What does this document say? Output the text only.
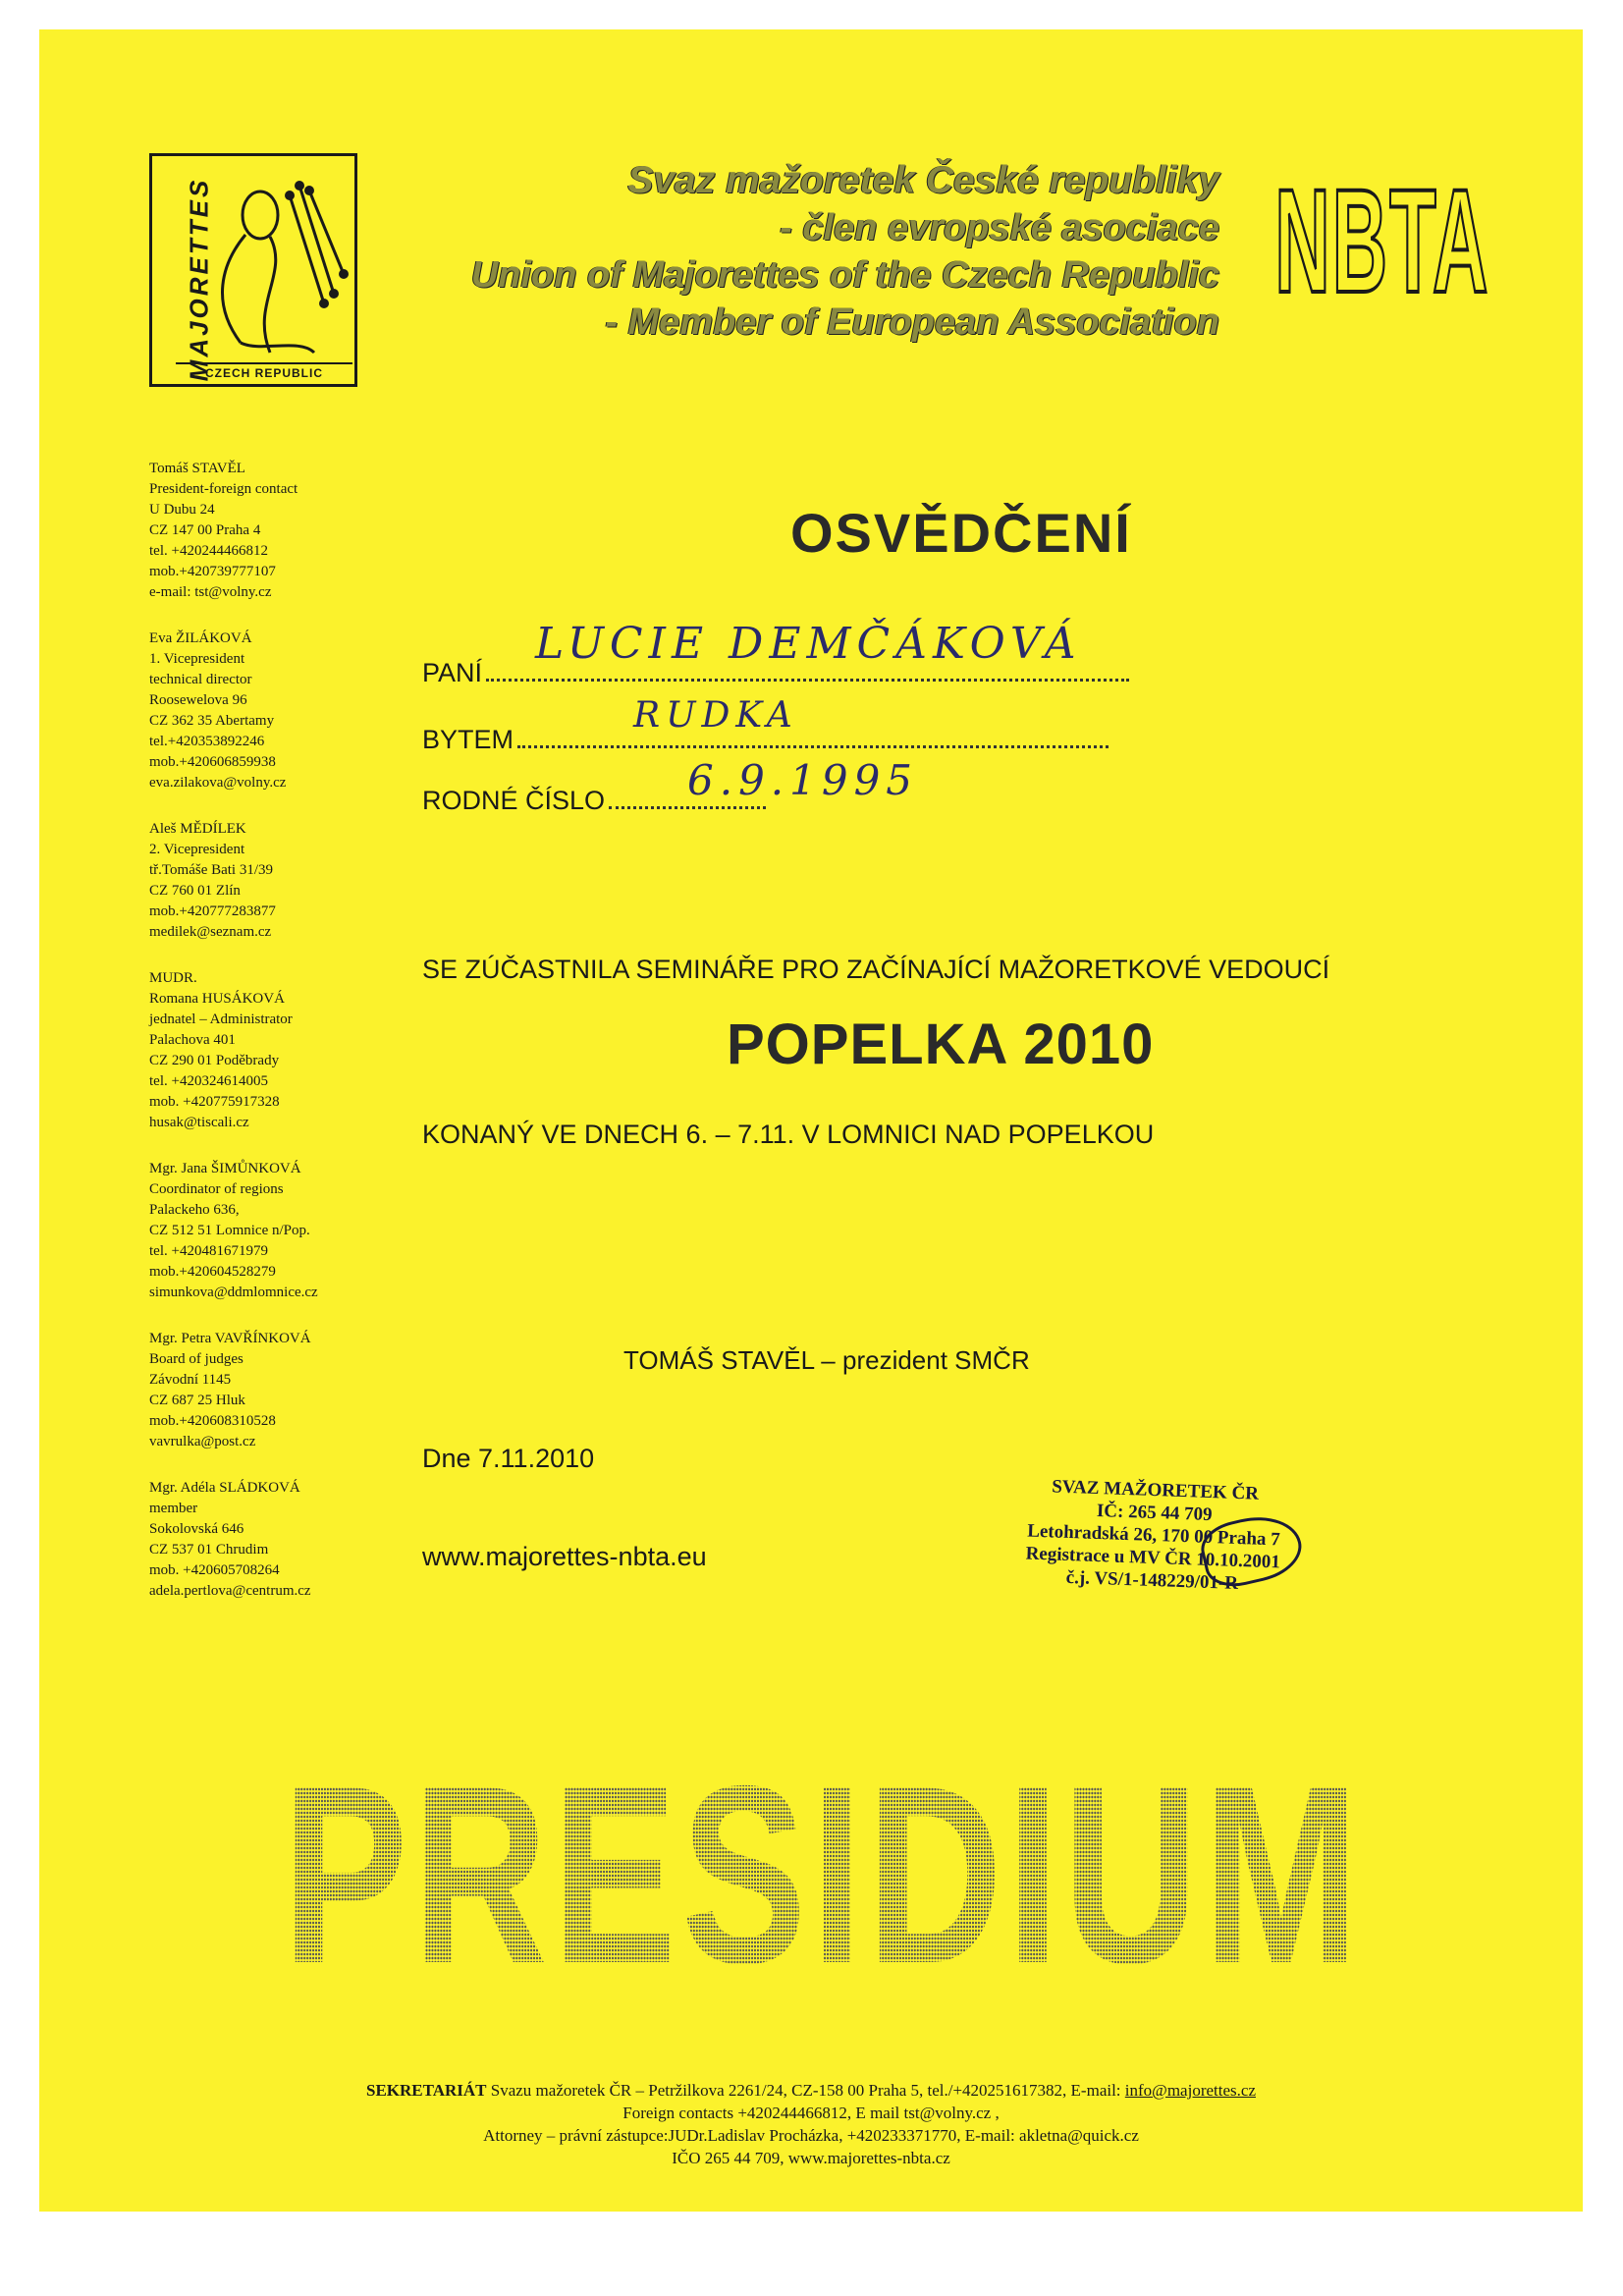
MAJORETTES
CZECH REPUBLIC
Svaz mažoretek České republiky
- člen evropské asociace
Union of Majorettes of the Czech Republic
- Member of European Association NBTA
Tomáš STAVĚL
President-foreign contact
U Dubu 24
CZ 147 00 Praha 4
tel. +420244466812
mob.+420739777107
e-mail: tst@volny.cz
Eva ŽILÁKOVÁ
1. Vicepresident
technical director
Roosewelova 96
CZ 362 35 Abertamy
tel.+420353892246
mob.+420606859938
eva.zilakova@volny.cz
Aleš MĚDÍLEK
2. Vicepresident
tř.Tomáše Bati 31/39
CZ 760 01 Zlín
mob.+420777283877
medilek@seznam.cz
MUDR.
Romana HUSÁKOVÁ
jednatel – Administrator
Palachova 401
CZ 290 01 Poděbrady
tel. +420324614005
mob. +420775917328
husak@tiscali.cz
Mgr. Jana ŠIMŮNKOVÁ
Coordinator of regions
Palackeho 636,
CZ 512 51 Lomnice n/Pop.
tel. +420481671979
mob.+420604528279
simunkova@ddmlomnice.cz
Mgr. Petra VAVŘÍNKOVÁ
Board of judges
Závodní 1145
CZ 687 25 Hluk
mob.+420608310528
vavrulka@post.cz
Mgr. Adéla SLÁDKOVÁ
member
Sokolovská 646
CZ 537 01 Chrudim
mob. +420605708264
adela.pertlova@centrum.cz
OSVĚDČENÍ
PANÍ
LUCIE DEMČÁKOVÁ
BYTEM
RUDKA
RODNÉ ČÍSLO	6.9.1995
SE ZÚČASTNILA SEMINÁŘE PRO ZAČÍNAJÍCÍ MAŽORETKOVÉ VEDOUCÍ
POPELKA 2010
KONANÝ VE DNECH 6. – 7.11. V LOMNICI NAD POPELKOU
TOMÁŠ STAVĚL – prezident SMČR
Dne 7.11.2010
www.majorettes-nbta.eu
SVAZ MAŽORETEK ČR
IČ: 265 44 709
Letohradská 26, 170 00 Praha 7
Registrace u MV ČR 10.10.2001
č.j. VS/1-148229/01-R
PRESIDIUM
SEKRETARIÁT Svazu mažoretek ČR – Petržilkova 2261/24, CZ-158 00 Praha 5, tel./+420251617382, E-mail: info@majorettes.cz
Foreign contacts +420244466812, E mail tst@volny.cz ,
Attorney – právní zástupce:JUDr.Ladislav Procházka, +420233371770, E-mail: akletna@quick.cz
IČO 265 44 709, www.majorettes-nbta.cz
